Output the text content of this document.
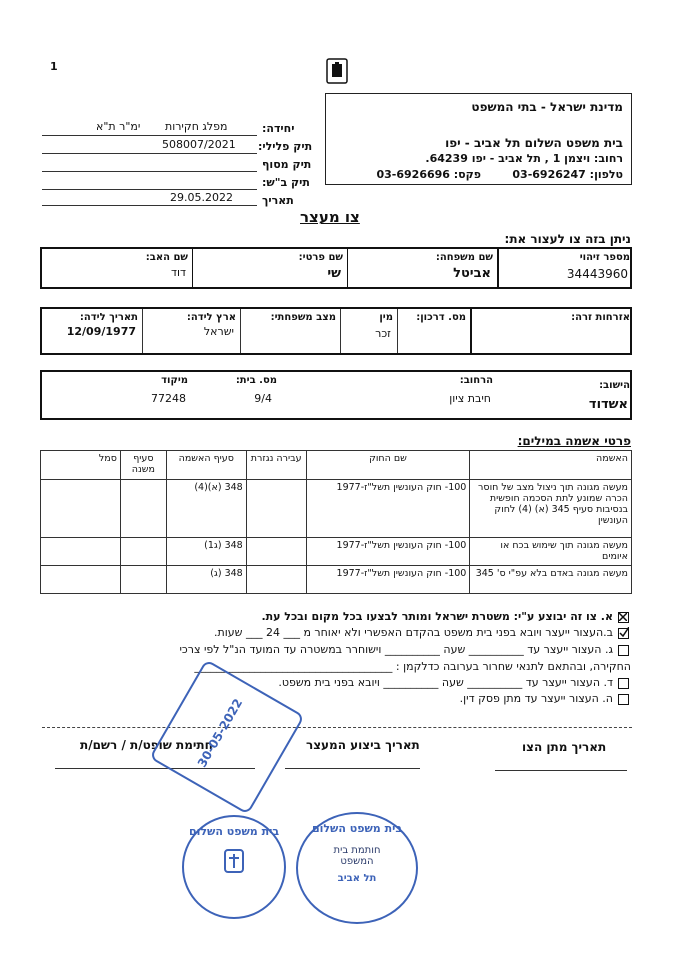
1
מדינת ישראל - בתי המשפט
בית משפט השלום תל אביב - יפו
רחוב: ויצמן 1 , תל אביב - יפו 64239.
טלפון: 03-6926247
פקס: 03-6926696
יחידה:
מפלג חקירות
ימ"ר ת"א
תיק פלילי:
508007/2021
תיק מסוף
תיק ב"ש:
תאריך
29.05.2022
צו מעצר
ניתן בזה צו לעצור את:
מספר זיהוי
34443960
שם משפחה:
אביטל
שם פרטי:
שי
שם האב:
דוד
אזרחות זרה:
מס. דרכון:
מין
זכר
מצב משפחתי:
ארץ לידה:
ישראל
תאריך לידה:
12/09/1977
הישוב:
אשדוד
הרחוב:
חיבת ציון
מס. בית:
9/4
מיקוד
77248
פרטי אשמה במילים:
האשמה	שם החוק	עבירה נגזרת	סעיף האשמה	סעיף משנה	סמל
מעשה מגונה תוך ניצול מצב של חוסר הכרה שמונע לתת הסכמה חופשית בנסיבות סעיף 345 (א) (4) לחוק העונשין	100- חוק העונשין תשל"ז-1977		348 (א)(4)		
מעשה מגונה תוך שימוש בכח או איומים	100- חוק העונשין תשל"ז-1977		348 (ג1)		
מעשה מגונה באדם בלא עפ"י ס' 345	100- חוק העונשין תשל"ז-1977		348 (ג)		
א. צו זה יבוצע ע"י: משטרת ישראל ומותר לבצעו בכל מקום ובכל עת.
ב.העצור ייעצר ויובא בפני בית משפט בהקדם האפשרי ולא יאוחר מ ___ 24 ___ שעות.
ג. העצור ייעצר עד __________ שעה __________ וישוחרר במשטרה עד המועד הנ"ל לפי צרכי
החקירה, ובהתאם לתנאי שחרור בערובה כדלקמן : ____________________________________
ד. העצור ייעצר עד __________ שעה __________ ויובא בפני בית משפט.
ה. העצור ייעצר עד מתן פסק דין.
תאריך מתן הצו
תאריך ביצוע המעצר
חתימת שופט/ת / רשם/ת
30-05-2022
בית משפט השלום	בית משפט השלום
חותמת בית המשפט
תל אביב
